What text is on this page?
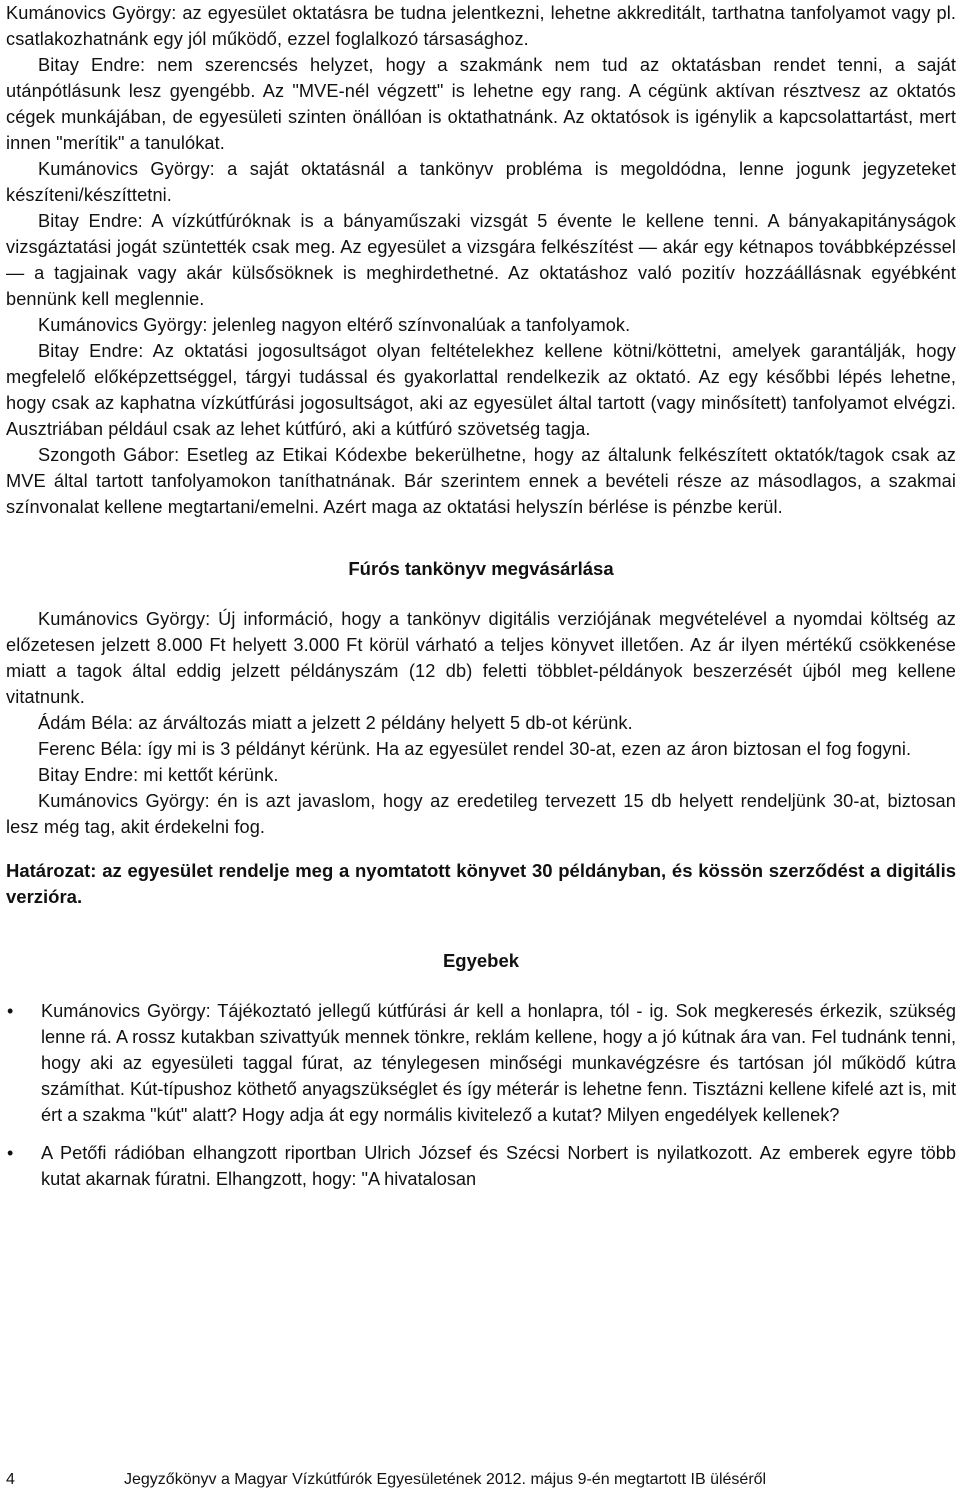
Kumánovics György: az egyesület oktatásra be tudna jelentkezni, lehetne akkreditált, tarthatna tanfolyamot vagy pl. csatlakozhatnánk egy jól működő, ezzel foglalkozó társasághoz.

Bitay Endre: nem szerencsés helyzet, hogy a szakmánk nem tud az oktatásban rendet tenni, a saját utánpótlásunk lesz gyengébb. Az "MVE-nél végzett" is lehetne egy rang. A cégünk aktívan résztvesz az oktatós cégek munkájában, de egyesületi szinten önállóan is oktathatnánk. Az oktatósok is igénylik a kapcsolattartást, mert innen "merítik" a tanulókat.

Kumánovics György: a saját oktatásnál a tankönyv probléma is megoldódna, lenne jogunk jegyzeteket készíteni/készíttetni.

Bitay Endre: A vízkútfúróknak is a bányaműszaki vizsgát 5 évente le kellene tenni. A bányakapitányságok vizsgáztatási jogát szüntették csak meg. Az egyesület a vizsgára felkészítést — akár egy kétnapos továbbképzéssel — a tagjainak vagy akár külsősöknek is meghirdethetné. Az oktatáshoz való pozitív hozzáállásnak egyébként bennünk kell meglennie.

Kumánovics György: jelenleg nagyon eltérő színvonalúak a tanfolyamok.

Bitay Endre: Az oktatási jogosultságot olyan feltételekhez kellene kötni/köttetni, amelyek garantálják, hogy megfelelő előképzettséggel, tárgyi tudással és gyakorlattal rendelkezik az oktató. Az egy későbbi lépés lehetne, hogy csak az kaphatna vízkútfúrási jogosultságot, aki az egyesület által tartott (vagy minősített) tanfolyamot elvégzi. Ausztriában például csak az lehet kútfúró, aki a kútfúró szövetség tagja.

Szongoth Gábor: Esetleg az Etikai Kódexbe bekerülhetne, hogy az általunk felkészített oktatók/tagok csak az MVE által tartott tanfolyamokon taníthatnának. Bár szerintem ennek a bevételi része az másodlagos, a szakmai színvonalat kellene megtartani/emelni. Azért maga az oktatási helyszín bérlése is pénzbe kerül.

Fúrós tankönyv megvásárlása

Kumánovics György: Új információ, hogy a tankönyv digitális verziójának megvételével a nyomdai költség az előzetesen jelzett 8.000 Ft helyett 3.000 Ft körül várható a teljes könyvet illetően. Az ár ilyen mértékű csökkenése miatt a tagok által eddig jelzett példányszám (12 db) feletti többlet-példányok beszerzését újból meg kellene vitatnunk.

Ádám Béla: az árváltozás miatt a jelzett 2 példány helyett 5 db-ot kérünk.

Ferenc Béla: így mi is 3 példányt kérünk. Ha az egyesület rendel 30-at, ezen az áron biztosan el fog fogyni.

Bitay Endre: mi kettőt kérünk.

Kumánovics György: én is azt javaslom, hogy az eredetileg tervezett 15 db helyett rendeljünk 30-at, biztosan lesz még tag, akit érdekelni fog.

Határozat: az egyesület rendelje meg a nyomtatott könyvet 30 példányban, és kössön szerződést a digitális verzióra.

Egyebek
• Kumánovics György: Tájékoztató jellegű kútfúrási ár kell a honlapra, tól - ig. Sok megkeresés érkezik, szükség lenne rá. A rossz kutakban szivattyúk mennek tönkre, reklám kellene, hogy a jó kútnak ára van. Fel tudnánk tenni, hogy aki az egyesületi taggal fúrat, az ténylegesen minőségi munkavégzésre és tartósan jól működő kútra számíthat. Kút-típushoz köthető anyagszükséglet és így méterár is lehetne fenn. Tisztázni kellene kifelé azt is, mit ért a szakma "kút" alatt? Hogy adja át egy normális kivitelező a kutat? Milyen engedélyek kellenek?
• A Petőfi rádióban elhangzott riportban Ulrich József és Szécsi Norbert is nyilatkozott. Az emberek egyre több kutat akarnak fúratni. Elhangzott, hogy: "A hivatalosan
4	Jegyzőkönyv a Magyar Vízkútfúrók Egyesületének 2012. május 9-én megtartott IB üléséről
